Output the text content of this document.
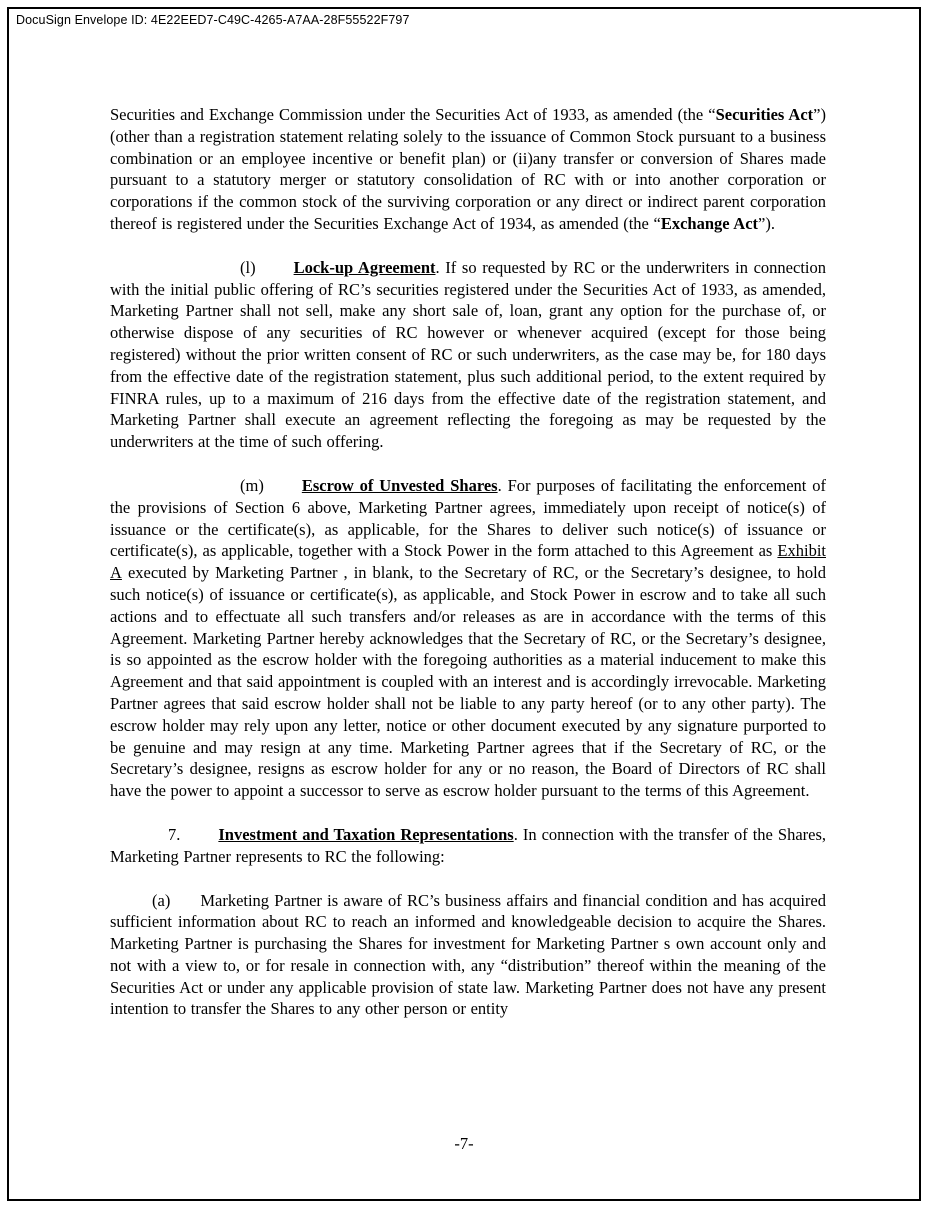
DocuSign Envelope ID: 4E22EED7-C49C-4265-A7AA-28F55522F797

Securities and Exchange Commission under the Securities Act of 1933, as amended (the “Securities Act”) (other than a registration statement relating solely to the issuance of Common Stock pursuant to a business combination or an employee incentive or benefit plan) or (ii)any transfer or conversion of Shares made pursuant to a statutory merger or statutory consolidation of RC with or into another corporation or corporations if the common stock of the surviving corporation or any direct or indirect parent corporation thereof is registered under the Securities Exchange Act of 1934, as amended (the “Exchange Act”).

(l) Lock-up Agreement. If so requested by RC or the underwriters in connection with the initial public offering of RC’s securities registered under the Securities Act of 1933, as amended, Marketing Partner shall not sell, make any short sale of, loan, grant any option for the purchase of, or otherwise dispose of any securities of RC however or whenever acquired (except for those being registered) without the prior written consent of RC or such underwriters, as the case may be, for 180 days from the effective date of the registration statement, plus such additional period, to the extent required by FINRA rules, up to a maximum of 216 days from the effective date of the registration statement, and Marketing Partner shall execute an agreement reflecting the foregoing as may be requested by the underwriters at the time of such offering.

(m) Escrow of Unvested Shares. For purposes of facilitating the enforcement of the provisions of Section 6 above, Marketing Partner agrees, immediately upon receipt of notice(s) of issuance or the certificate(s), as applicable, for the Shares to deliver such notice(s) of issuance or certificate(s), as applicable, together with a Stock Power in the form attached to this Agreement as Exhibit A executed by Marketing Partner , in blank, to the Secretary of RC, or the Secretary’s designee, to hold such notice(s) of issuance or certificate(s), as applicable, and Stock Power in escrow and to take all such actions and to effectuate all such transfers and/or releases as are in accordance with the terms of this Agreement. Marketing Partner hereby acknowledges that the Secretary of RC, or the Secretary’s designee, is so appointed as the escrow holder with the foregoing authorities as a material inducement to make this Agreement and that said appointment is coupled with an interest and is accordingly irrevocable. Marketing Partner agrees that said escrow holder shall not be liable to any party hereof (or to any other party). The escrow holder may rely upon any letter, notice or other document executed by any signature purported to be genuine and may resign at any time. Marketing Partner agrees that if the Secretary of RC, or the Secretary’s designee, resigns as escrow holder for any or no reason, the Board of Directors of RC shall have the power to appoint a successor to serve as escrow holder pursuant to the terms of this Agreement.

7. Investment and Taxation Representations. In connection with the transfer of the Shares, Marketing Partner represents to RC the following:

(a) Marketing Partner is aware of RC’s business affairs and financial condition and has acquired sufficient information about RC to reach an informed and knowledgeable decision to acquire the Shares. Marketing Partner is purchasing the Shares for investment for Marketing Partner s own account only and not with a view to, or for resale in connection with, any “distribution” thereof within the meaning of the Securities Act or under any applicable provision of state law. Marketing Partner does not have any present intention to transfer the Shares to any other person or entity

-7-
